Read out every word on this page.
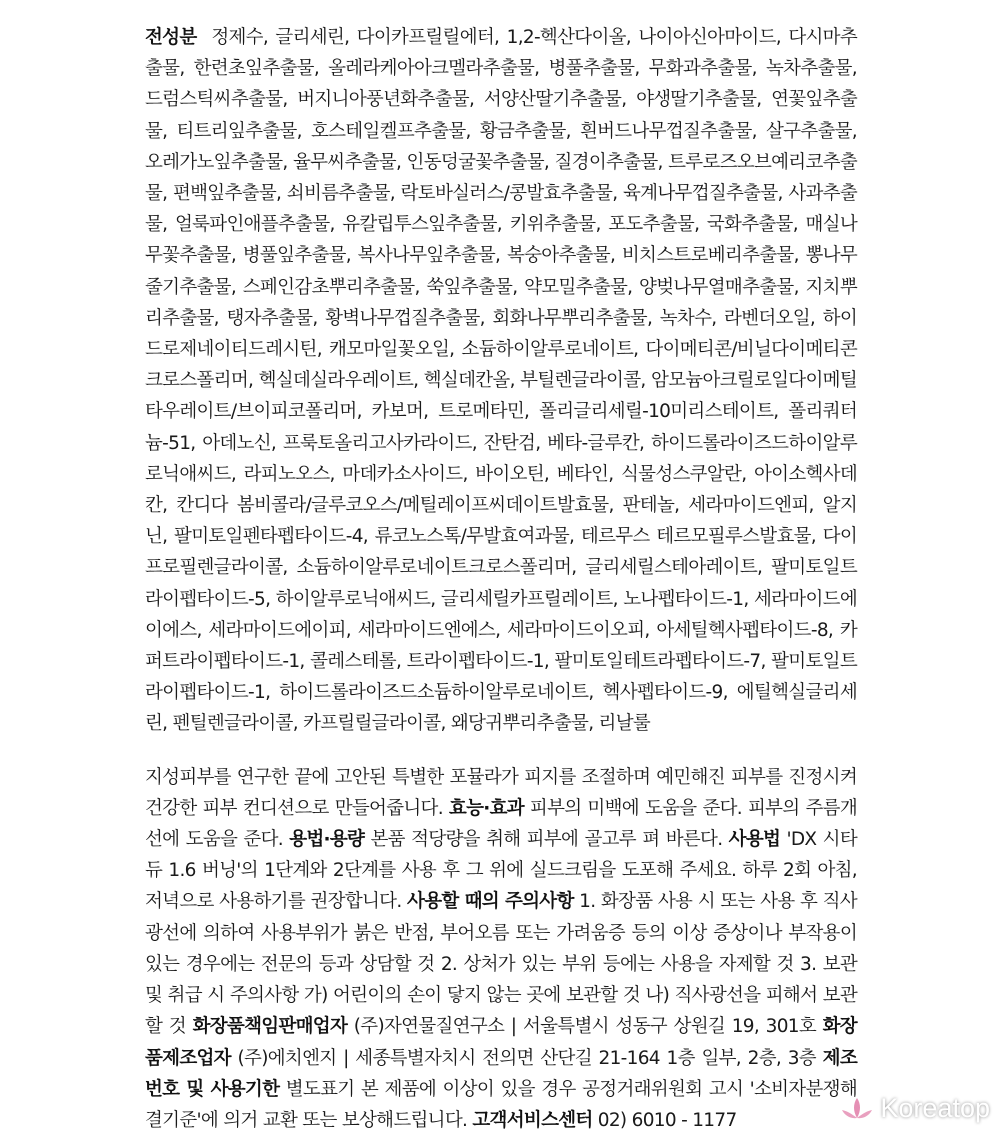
전성분 정제수, 글리세린, 다이카프릴릴에터, 1,2-헥산다이올, 나이아신아마이드, 다시마추출물, 한련초잎추출물, 올레라케아아크멜라추출물, 병풀추출물, 무화과추출물, 녹차추출물, 드럼스틱씨추출물, 버지니아풍년화추출물, 서양산딸기추출물, 야생딸기추출물, 연꽃잎추출물, 티트리잎추출물, 호스테일켈프추출물, 황금추출물, 흰버드나무껍질추출물, 살구추출물, 오레가노잎추출물, 율무씨추출물, 인동덩굴꽃추출물, 질경이추출물, 트루로즈오브예리코추출물, 편백잎추출물, 쇠비름추출물, 락토바실러스/콩발효추출물, 육계나무껍질추출물, 사과추출물, 얼룩파인애플추출물, 유칼립투스잎추출물, 키위추출물, 포도추출물, 국화추출물, 매실나무꽃추출물, 병풀잎추출물, 복사나무잎추출물, 복숭아추출물, 비치스트로베리추출물, 뽕나무줄기추출물, 스페인감초뿌리추출물, 쑥잎추출물, 약모밀추출물, 양벚나무열매추출물, 지치뿌리추출물, 탱자추출물, 황벽나무껍질추출물, 회화나무뿌리추출물, 녹차수, 라벤더오일, 하이드로제네이티드레시틴, 캐모마일꽃오일, 소듐하이알루로네이트, 다이메티콘/비닐다이메티콘크로스폴리머, 헥실데실라우레이트, 헥실데칸올, 부틸렌글라이콜, 암모늄아크릴로일다이메틸타우레이트/브이피코폴리머, 카보머, 트로메타민, 폴리글리세릴-10미리스테이트, 폴리쿼터늄-51, 아데노신, 프룩토올리고사카라이드, 잔탄검, 베타-글루칸, 하이드롤라이즈드하이알루로닉애씨드, 라피노오스, 마데카소사이드, 바이오틴, 베타인, 식물성스쿠알란, 아이소헥사데칸, 칸디다 봄비콜라/글루코오스/메틸레이프씨데이트발효물, 판테놀, 세라마이드엔피, 알지닌, 팔미토일펜타펩타이드-4, 류코노스톡/무발효여과물, 테르무스 테르모필루스발효물, 다이프로필렌글라이콜, 소듐하이알루로네이트크로스폴리머, 글리세릴스테아레이트, 팔미토일트라이펩타이드-5, 하이알루로닉애씨드, 글리세릴카프릴레이트, 노나펩타이드-1, 세라마이드에이에스, 세라마이드에이피, 세라마이드엔에스, 세라마이드이오피, 아세틸헥사펩타이드-8, 카퍼트라이펩타이드-1, 콜레스테롤, 트라이펩타이드-1, 팔미토일테트라펩타이드-7, 팔미토일트라이펩타이드-1, 하이드롤라이즈드소듐하이알루로네이트, 헥사펩타이드-9, 에틸헥실글리세린, 펜틸렌글라이콜, 카프릴릴글라이콜, 왜당귀뿌리추출물, 리날룰

지성피부를 연구한 끝에 고안된 특별한 포뮬라가 피지를 조절하며 예민해진 피부를 진정시켜 건강한 피부 컨디션으로 만들어줍니다. 효능·효과 피부의 미백에 도움을 준다. 피부의 주름개선에 도움을 준다. 용법·용량 본품 적당량을 취해 피부에 골고루 펴 바른다. 사용법 'DX 시타 듀 1.6 버닝'의 1단계와 2단계를 사용 후 그 위에 실드크림을 도포해 주세요. 하루 2회 아침, 저녁으로 사용하기를 권장합니다. 사용할 때의 주의사항 1. 화장품 사용 시 또는 사용 후 직사광선에 의하여 사용부위가 붉은 반점, 부어오름 또는 가려움증 등의 이상 증상이나 부작용이 있는 경우에는 전문의 등과 상담할 것 2. 상처가 있는 부위 등에는 사용을 자제할 것 3. 보관 및 취급 시 주의사항 가) 어린이의 손이 닿지 않는 곳에 보관할 것 나) 직사광선을 피해서 보관할 것 화장품책임판매업자 (주)자연물질연구소 | 서울특별시 성동구 상원길 19, 301호 화장품제조업자 (주)에치엔지 | 세종특별자치시 전의면 산단길 21-164 1층 일부, 2층, 3층 제조번호 및 사용기한 별도표기 본 제품에 이상이 있을 경우 공정거래위원회 고시 '소비자분쟁해결기준'에 의거 교환 또는 보상해드립니다. 고객서비스센터 02) 6010 - 1177	Koreatop
